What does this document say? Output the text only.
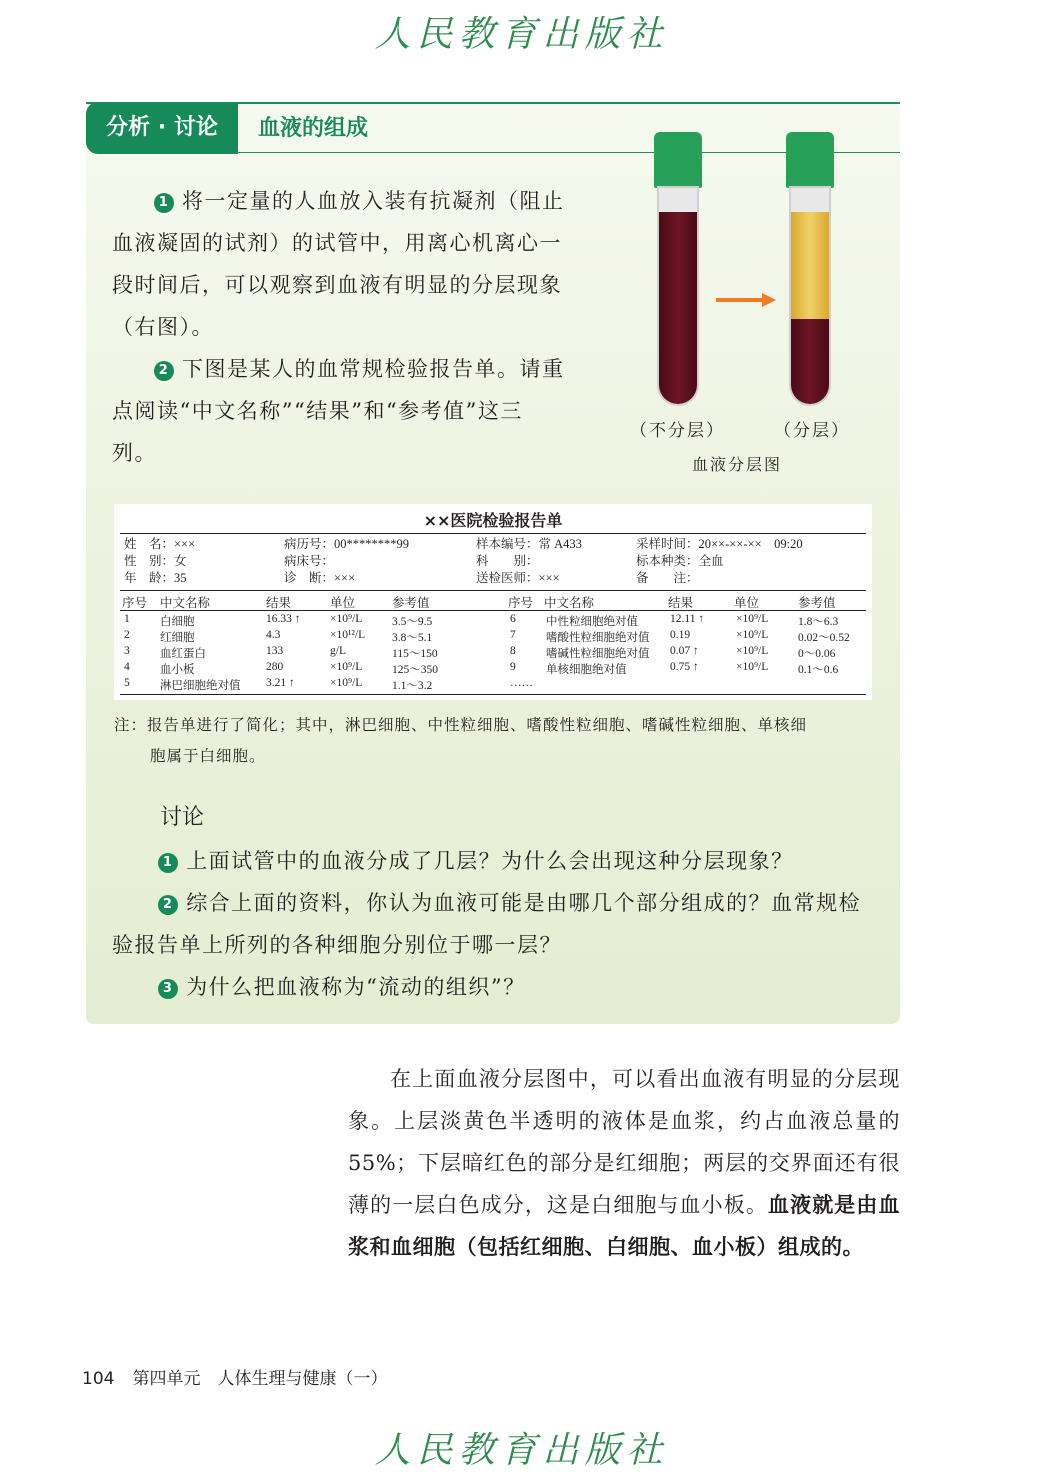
人民教育出版社
分析 · 讨论	血液的组成

1 将一定量的人血放入装有抗凝剂（阻止血液凝固的试剂）的试管中，用离心机离心一段时间后，可以观察到血液有明显的分层现象（右图）。

2 下图是某人的血常规检验报告单。请重点阅读“中文名称”“结果”和“参考值”这三列。

（不分层）	（分层）
血液分层图
××医院检验报告单
姓　名：×××	病历号：00********99	样本编号：常 A433	采样时间：20××-××-××　09:20
性　别：女	病床号：	科　　别：	标本种类：全血
年　龄：35	诊　断：×××	送检医师：×××	备　　注：
序号 中文名称	结果	单位	参考值	序号 中文名称	结果	单位	参考值
1	白细胞	16.33 ↑	×10⁹/L	3.5～9.5
2	红细胞	4.3	×10¹²/L 3.8～5.1
3	血红蛋白	133	g/L	115～150
4	血小板	280	×10⁹/L	125～350
5	淋巴细胞绝对值 3.21 ↑	×10⁹/L	1.1～3.2
6	中性粒细胞绝对值	12.11 ↑	×10⁹/L	1.8～6.3
7	嗜酸性粒细胞绝对值 0.19	×10⁹/L	0.02～0.52
8	嗜碱性粒细胞绝对值 0.07 ↑	×10⁹/L	0～0.06
9	单核细胞绝对值	0.75 ↑	×10⁹/L	0.1～0.6
……
注：报告单进行了简化；其中，淋巴细胞、中性粒细胞、嗜酸性粒细胞、嗜碱性粒细胞、单核细
胞属于白细胞。
讨论

1 上面试管中的血液分成了几层？为什么会出现这种分层现象？

2 综合上面的资料，你认为血液可能是由哪几个部分组成的？血常规检验报告单上所列的各种细胞分别位于哪一层？

3 为什么把血液称为“流动的组织”？

在上面血液分层图中，可以看出血液有明显的分层现象。上层淡黄色半透明的液体是血浆，约占血液总量的55%；下层暗红色的部分是红细胞；两层的交界面还有很薄的一层白色成分，这是白细胞与血小板。血液就是由血浆和血细胞（包括红细胞、白细胞、血小板）组成的。

104 第四单元　人体生理与健康（一）
人民教育出版社
